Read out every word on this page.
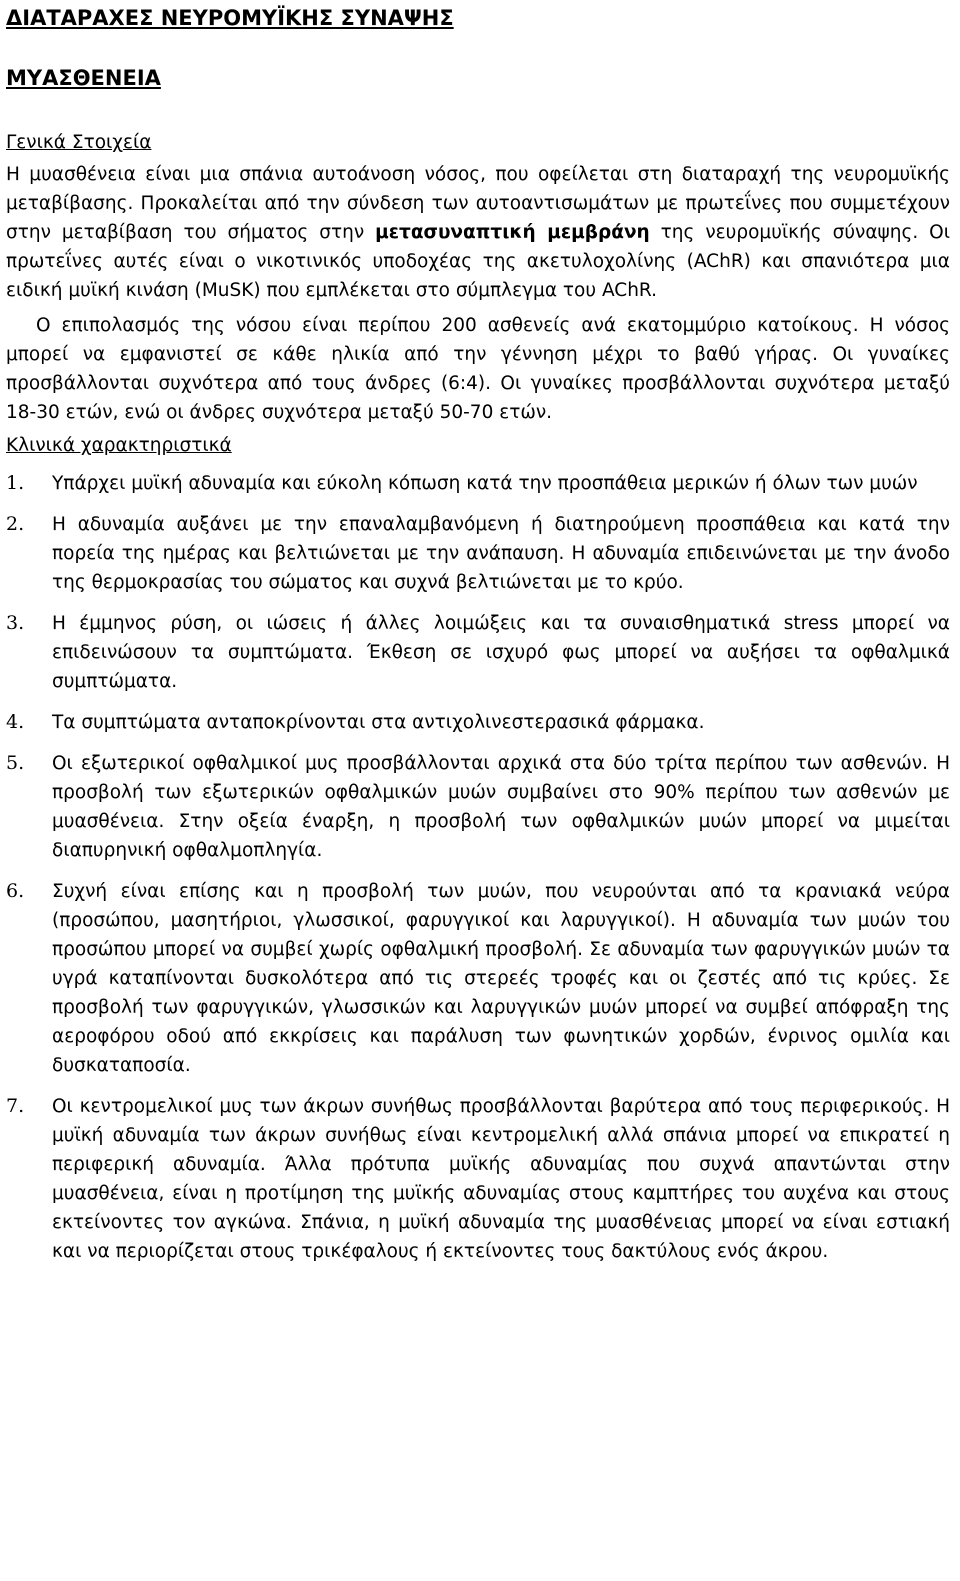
ΔΙΑΤΑΡΑΧΕΣ ΝΕΥΡΟΜΥΪΚΗΣ ΣΥΝΑΨΗΣ
ΜΥΑΣΘΕΝΕΙΑ
Γενικά Στοιχεία

Η μυασθένεια είναι μια σπάνια αυτοάνοση νόσος, που οφείλεται στη διαταραχή της νευρομυϊκής μεταβίβασης. Προκαλείται από την σύνδεση των αυτοαντισωμάτων με πρωτεΐνες που συμμετέχουν στην μεταβίβαση του σήματος στην μετασυναπτική μεμβράνη της νευρομυϊκής σύναψης. Οι πρωτεΐνες αυτές είναι ο νικοτινικός υποδοχέας της ακετυλοχολίνης (AChR) και σπανιότερα μια ειδική μυϊκή κινάση (MuSK) που εμπλέκεται στο σύμπλεγμα του AChR.

Ο επιπολασμός της νόσου είναι περίπου 200 ασθενείς ανά εκατομμύριο κατοίκους. Η νόσος μπορεί να εμφανιστεί σε κάθε ηλικία από την γέννηση μέχρι το βαθύ γήρας. Οι γυναίκες προσβάλλονται συχνότερα από τους άνδρες (6:4). Οι γυναίκες προσβάλλονται συχνότερα μεταξύ 18-30 ετών, ενώ οι άνδρες συχνότερα μεταξύ 50-70 ετών.

Κλινικά χαρακτηριστικά
1.	Υπάρχει μυϊκή αδυναμία και εύκολη κόπωση κατά την προσπάθεια μερικών ή όλων των μυών
2.	Η αδυναμία αυξάνει με την επαναλαμβανόμενη ή διατηρούμενη προσπάθεια και κατά την πορεία της ημέρας και βελτιώνεται με την ανάπαυση. Η αδυναμία επιδεινώνεται με την άνοδο της θερμοκρασίας του σώματος και συχνά βελτιώνεται με το κρύο.
3.	Η έμμηνος ρύση, οι ιώσεις ή άλλες λοιμώξεις και τα συναισθηματικά stress μπορεί να επιδεινώσουν τα συμπτώματα. Έκθεση σε ισχυρό φως μπορεί να αυξήσει τα οφθαλμικά συμπτώματα.
4.	Τα συμπτώματα ανταποκρίνονται στα αντιχολινεστερασικά φάρμακα.
5.	Οι εξωτερικοί οφθαλμικοί μυς προσβάλλονται αρχικά στα δύο τρίτα περίπου των ασθενών. Η προσβολή των εξωτερικών οφθαλμικών μυών συμβαίνει στο 90% περίπου των ασθενών με μυασθένεια. Στην οξεία έναρξη, η προσβολή των οφθαλμικών μυών μπορεί να μιμείται διαπυρηνική οφθαλμοπληγία.
6.	Συχνή είναι επίσης και η προσβολή των μυών, που νευρούνται από τα κρανιακά νεύρα (προσώπου, μασητήριοι, γλωσσικοί, φαρυγγικοί και λαρυγγικοί). Η αδυναμία των μυών του προσώπου μπορεί να συμβεί χωρίς οφθαλμική προσβολή. Σε αδυναμία των φαρυγγικών μυών τα υγρά καταπίνονται δυσκολότερα από τις στερεές τροφές και οι ζεστές από τις κρύες. Σε προσβολή των φαρυγγικών, γλωσσικών και λαρυγγικών μυών μπορεί να συμβεί απόφραξη της αεροφόρου οδού από εκκρίσεις και παράλυση των φωνητικών χορδών, ένρινος ομιλία και δυσκαταποσία.
7.	Οι κεντρομελικοί μυς των άκρων συνήθως προσβάλλονται βαρύτερα από τους περιφερικούς. Η μυϊκή αδυναμία των άκρων συνήθως είναι κεντρομελική αλλά σπάνια μπορεί να επικρατεί η περιφερική αδυναμία. Άλλα πρότυπα μυϊκής αδυναμίας που συχνά απαντώνται στην μυασθένεια, είναι η προτίμηση της μυϊκής αδυναμίας στους καμπτήρες του αυχένα και στους εκτείνοντες τον αγκώνα. Σπάνια, η μυϊκή αδυναμία της μυασθένειας μπορεί να είναι εστιακή και να περιορίζεται στους τρικέφαλους ή εκτείνοντες τους δακτύλους ενός άκρου.
